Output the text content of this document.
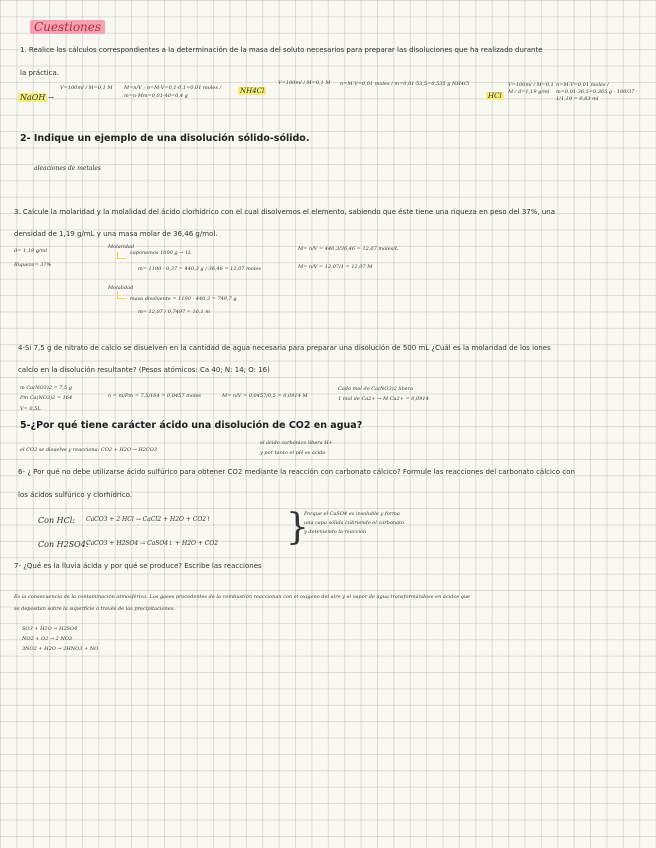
Cuestiones
1. Realice los cálculos correspondientes a la determinación de la masa del soluto necesarios para preparar las disoluciones que ha realizado durante
la práctica.
NaOH →
V=100ml / M=0,1 M	M=n/V ; n=M·V=0,1·0,1=0,01 moles / m=n·Mm=0,01·40=0,4 g
NH4Cl
V=100ml / M=0,1 M	n=M·V=0,01 moles / m=0,01·53,5=0,535 g NH4Cl
HCl
V=100ml / M=0,1 M / d=1,19 g/ml
n=M·V=0,01 moles / m=0,01·36,5=0,365 g · 100/37 · 1/1,19 = 0,83 ml
2- Indique un ejemplo de una disolución sólido-sólido.
aleaciones de metales
3. Calcule la molaridad y la molalidad del ácido clorhídrico con el cual disolvemos el elemento, sabiendo que éste tiene una riqueza en peso del 37%, una
densidad de 1,19 g/mL y una masa molar de 36,46 g/mol.
d= 1,19 g/ml
Riqueza= 37%
Molaridad
suponemos 1000 g → 1L
m= 1190 · 0,37 = 440,3 g / 36,46 = 12,07 moles
M= n/V = 440,3/36,46 = 12,07 moles/L
M= n/V = 12,07/1 = 12,07 M
Molalidad
masa disolvente = 1190 - 440,3 = 749,7 g
m= 12,07 / 0,7497 = 16,1 m
4-Si 7,5 g de nitrato de calcio se disuelven en la cantidad de agua necesaria para preparar una disolución de 500 mL ¿Cuál es la molaridad de los iones
calcio en la disolución resultante? (Pesos atómicos: Ca 40; N: 14; O: 16)
m Ca(NO3)2 = 7,5 g
Pm Ca(NO3)2 = 164
V= 0,5L
n = m/Pm = 7,5/164 = 0,0457 moles	M= n/V = 0,0457/0,5 = 0,0914 M
Cada mol de Ca(NO3)2 libera
1 mol de Ca2+ → M Ca2+ = 0,0914
5-¿Por qué tiene carácter ácido una disolución de CO2 en agua?
el CO2 se disuelve y reacciona: CO2 + H2O → H2CO3
el ácido carbónico libera H+
y por tanto el pH es ácido
6- ¿ Por qué no debe utilizarse ácido sulfúrico para obtener CO2 mediante la reacción con carbonato cálcico? Formule las reacciones del carbonato cálcico con
los ácidos sulfúrico y clorhídrico.
Con HCl: CaCO3 + 2 HCl → CaCl2 + H2O + CO2↑
Con H2SO4:
CaCO3 + H2SO4 → CaSO4↓ + H2O + CO2 }
Porque el CaSO4 es insoluble y forma
una capa sólida cubriendo el carbonato
y deteniendo la reacción
7- ¿Qué es la lluvia ácida y por qué se produce? Escribe las reacciones
Es la consecuencia de la contaminación atmosférica. Los gases procedentes de la combustión reaccionan con el oxígeno del aire y el vapor de agua transformándose en ácidos que
se depositan sobre la superficie a través de las precipitaciones.
SO3 + H2O → H2SO4
NO2 + O2 → 2 NO3
3NO2 + H2O → 2HNO3 + NO
